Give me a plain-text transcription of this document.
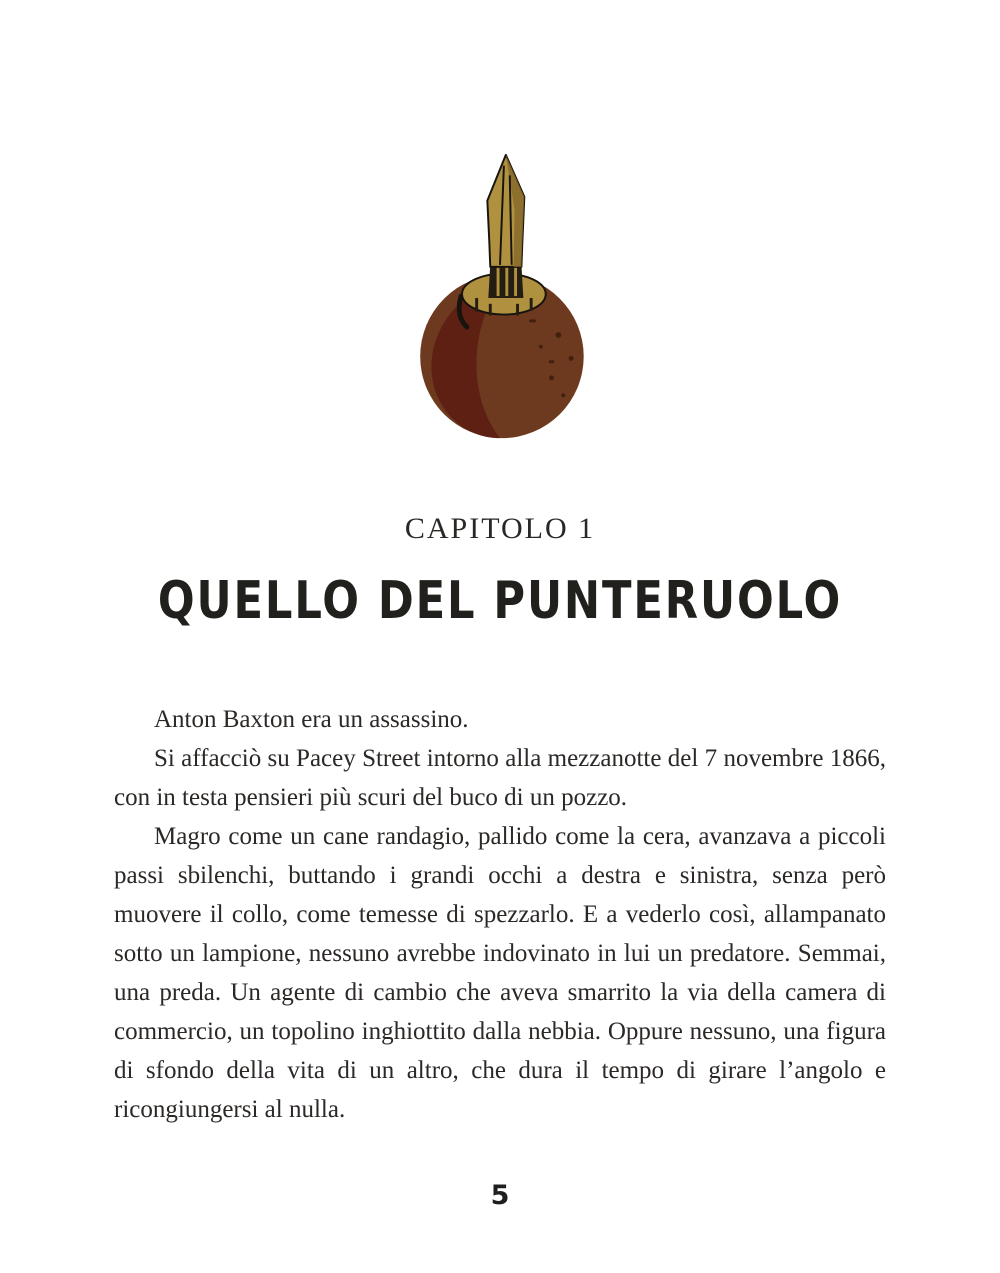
CAPITOLO 1
QUELLO DEL PUNTERUOLO

Anton Baxton era un assassino.

Si affacciò su Pacey Street intorno alla mezzanotte del 7 novembre 1866, con in testa pensieri più scuri del buco di un pozzo.

Magro come un cane randagio, pallido come la cera, avanzava a piccoli passi sbilenchi, buttando i grandi occhi a destra e sinistra, senza però muovere il collo, come temesse di spezzarlo. E a vederlo così, allampanato sotto un lampione, nessuno avrebbe indovinato in lui un predatore. Semmai, una preda. Un agente di cambio che aveva smarrito la via della camera di commercio, un topolino inghiottito dalla nebbia. Oppure nessuno, una figura di sfondo della vita di un altro, che dura il tempo di girare l’angolo e ricongiungersi al nulla.

5
